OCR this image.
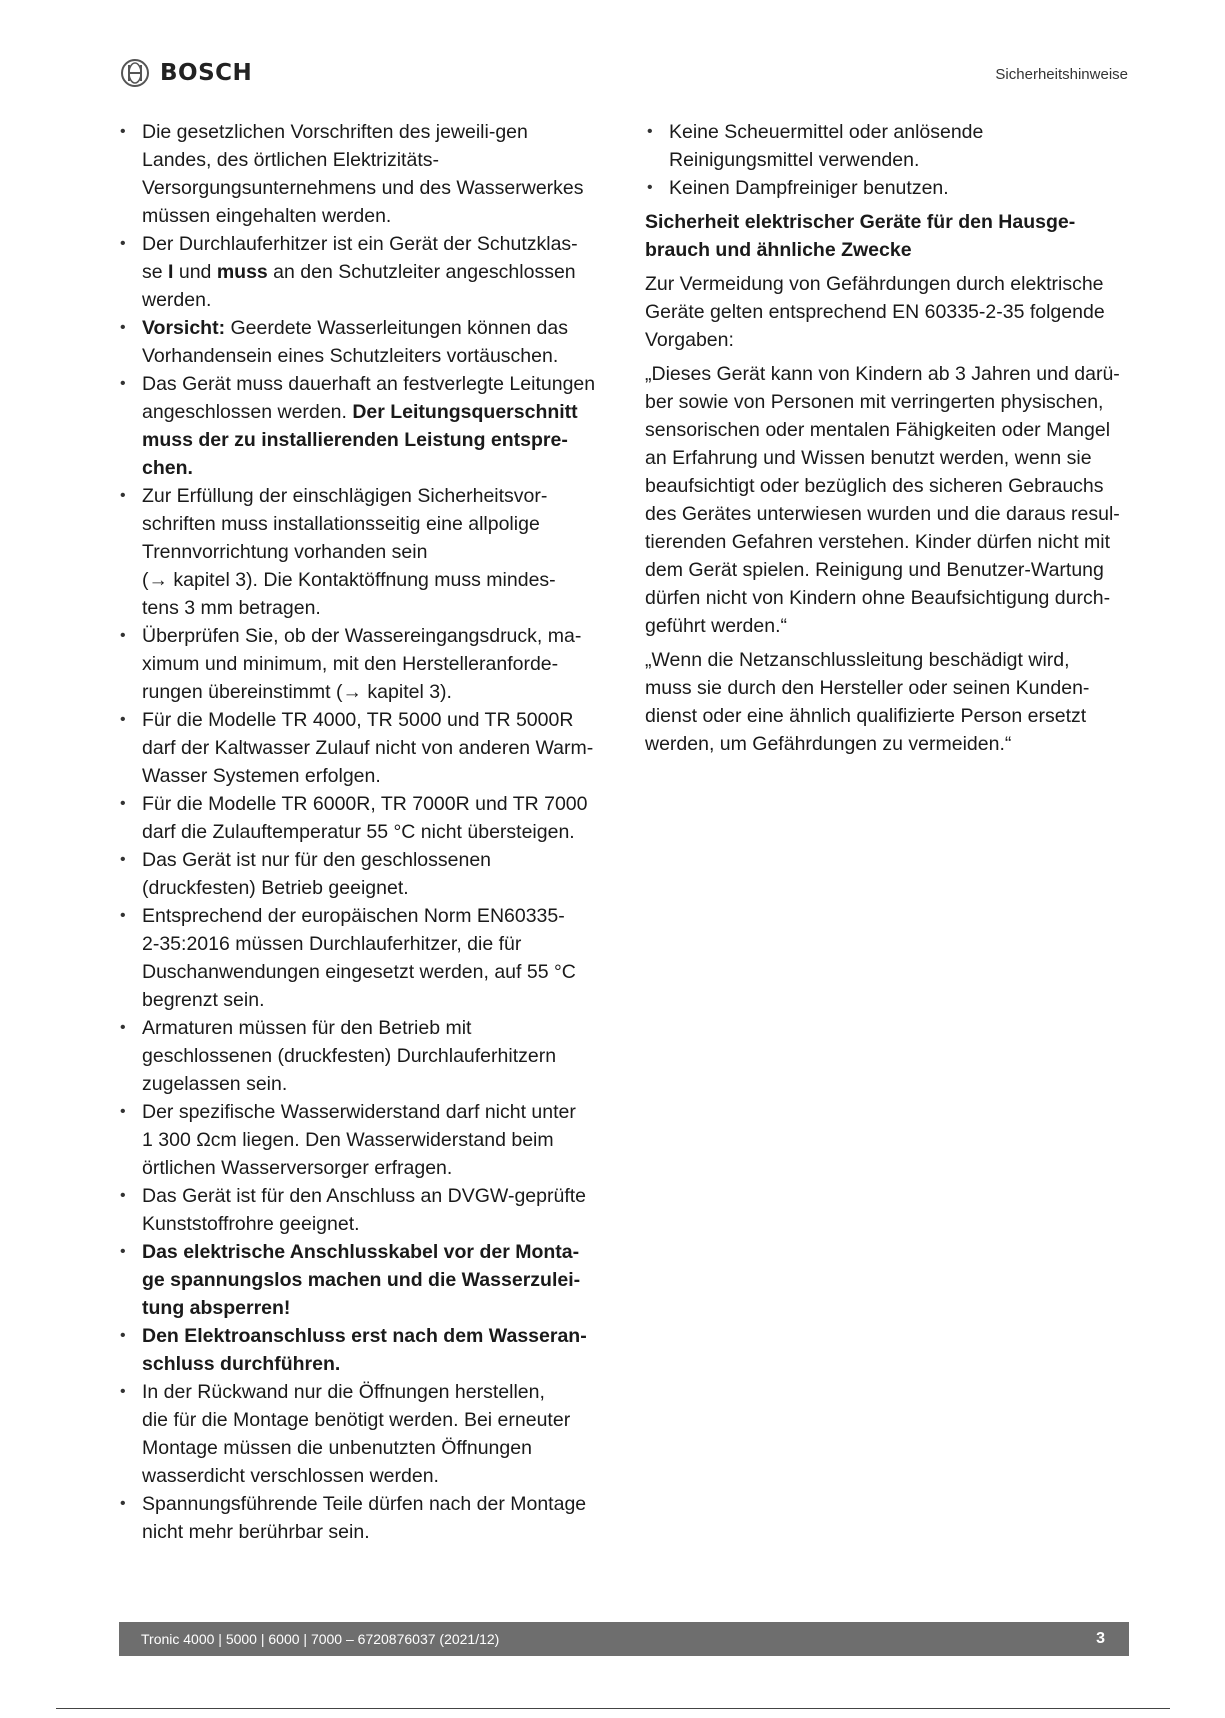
BOSCH	Sicherheitshinweise
• Die gesetzlichen Vorschriften des jeweili-gen
Landes, des örtlichen Elektrizitäts-
Versorgungsunternehmens und des Wasserwerkes
müssen eingehalten werden.
• Der Durchlauferhitzer ist ein Gerät der Schutzklas-
se I und muss an den Schutzleiter angeschlossen
werden.
• Vorsicht: Geerdete Wasserleitungen können das
Vorhandensein eines Schutzleiters vortäuschen.
• Das Gerät muss dauerhaft an festverlegte Leitungen
angeschlossen werden. Der Leitungsquerschnitt
muss der zu installierenden Leistung entspre-
chen.
• Zur Erfüllung der einschlägigen Sicherheitsvor-
schriften muss installationsseitig eine allpolige
Trennvorrichtung vorhanden sein
(→ kapitel 3). Die Kontaktöffnung muss mindes-
tens 3 mm betragen.
• Überprüfen Sie, ob der Wassereingangsdruck, ma-
ximum und minimum, mit den Herstelleranforde-
rungen übereinstimmt (→ kapitel 3).
• Für die Modelle TR 4000, TR 5000 und TR 5000R
darf der Kaltwasser Zulauf nicht von anderen Warm-
Wasser Systemen erfolgen.
• Für die Modelle TR 6000R, TR 7000R und TR 7000
darf die Zulauftemperatur 55 °C nicht übersteigen.
• Das Gerät ist nur für den geschlossenen
(druckfesten) Betrieb geeignet.
• Entsprechend der europäischen Norm EN60335-
2-35:2016 müssen Durchlauferhitzer, die für
Duschanwendungen eingesetzt werden, auf 55 °C
begrenzt sein.
• Armaturen müssen für den Betrieb mit
geschlossenen (druckfesten) Durchlauferhitzern
zugelassen sein.
• Der spezifische Wasserwiderstand darf nicht unter
1 300 Ωcm liegen. Den Wasserwiderstand beim
örtlichen Wasserversorger erfragen.
• Das Gerät ist für den Anschluss an DVGW-geprüfte
Kunststoffrohre geeignet.
• Das elektrische Anschlusskabel vor der Monta-
ge spannungslos machen und die Wasserzulei-
tung absperren!
• Den Elektroanschluss erst nach dem Wasseran-
schluss durchführen.
• In der Rückwand nur die Öffnungen herstellen,
die für die Montage benötigt werden. Bei erneuter
Montage müssen die unbenutzten Öffnungen
wasserdicht verschlossen werden.
• Spannungsführende Teile dürfen nach der Montage
nicht mehr berührbar sein.
• Keine Scheuermittel oder anlösende
Reinigungsmittel verwenden.
• Keinen Dampfreiniger benutzen.
Sicherheit elektrischer Geräte für den Hausge-
brauch und ähnliche Zwecke

Zur Vermeidung von Gefährdungen durch elektrische
Geräte gelten entsprechend EN 60335-2-35 folgende
Vorgaben:

„Dieses Gerät kann von Kindern ab 3 Jahren und darü-
ber sowie von Personen mit verringerten physischen,
sensorischen oder mentalen Fähigkeiten oder Mangel
an Erfahrung und Wissen benutzt werden, wenn sie
beaufsichtigt oder bezüglich des sicheren Gebrauchs
des Gerätes unterwiesen wurden und die daraus resul-
tierenden Gefahren verstehen. Kinder dürfen nicht mit
dem Gerät spielen. Reinigung und Benutzer-Wartung
dürfen nicht von Kindern ohne Beaufsichtigung durch-
geführt werden.“

„Wenn die Netzanschlussleitung beschädigt wird,
muss sie durch den Hersteller oder seinen Kunden-
dienst oder eine ähnlich qualifizierte Person ersetzt
werden, um Gefährdungen zu vermeiden.“

Tronic 4000 | 5000 | 6000 | 7000 – 6720876037 (2021/12)	3
